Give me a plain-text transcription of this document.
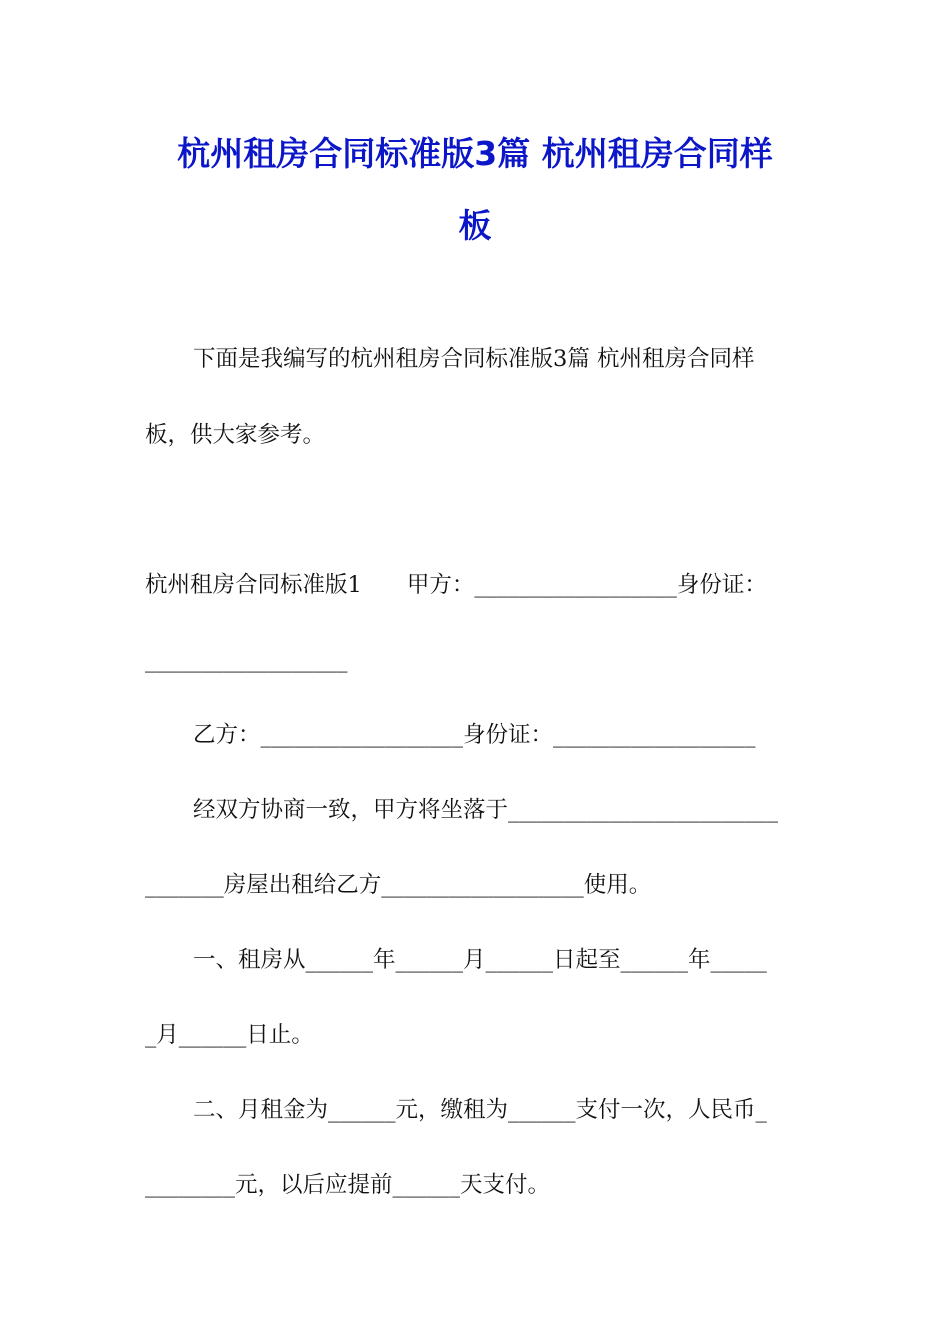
杭州租房合同标准版3篇 杭州租房合同样
板
下面是我编写的杭州租房合同标准版3篇 杭州租房合同样
板，供大家参考。
杭州租房合同标准版1　　甲方：__________________身份证：
__________________
乙方：__________________身份证：__________________
经双方协商一致，甲方将坐落于________________________
_______房屋出租给乙方__________________使用。
一、租房从______年______月______日起至______年_____
_月______日止。
二、月租金为______元，缴租为______支付一次，人民币_
________元，以后应提前______天支付。
